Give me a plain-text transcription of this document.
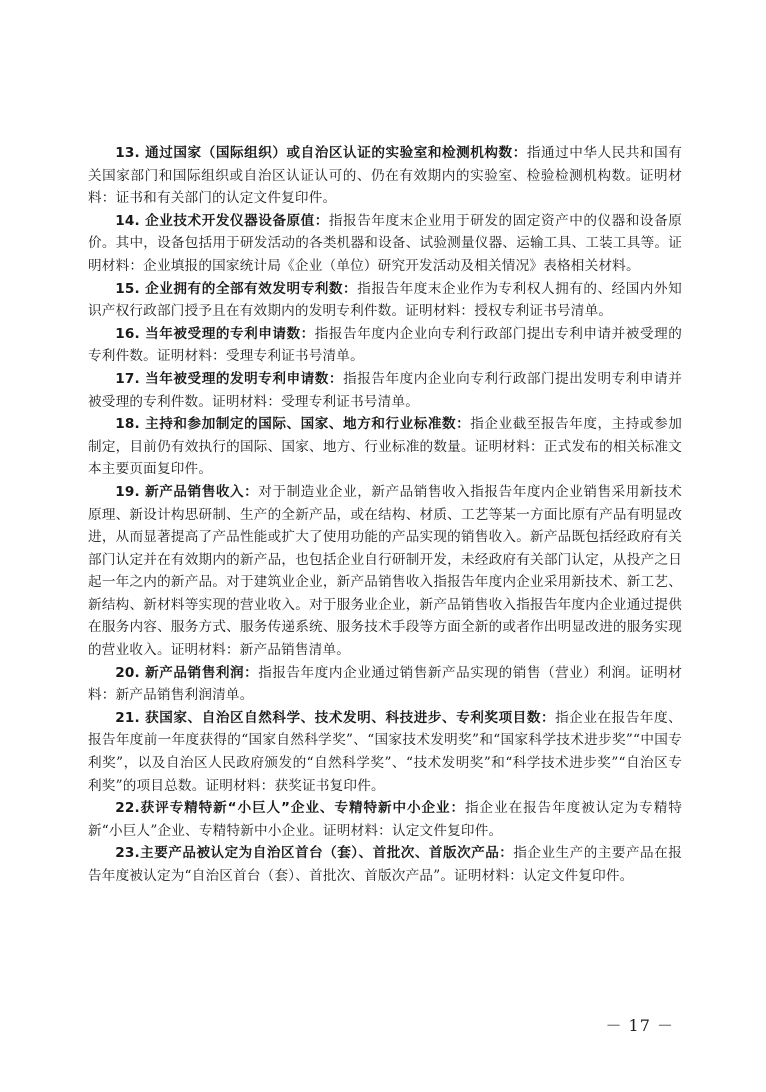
13. 通过国家（国际组织）或自治区认证的实验室和检测机构数：指通过中华人民共和国有关国家部门和国际组织或自治区认证认可的、仍在有效期内的实验室、检验检测机构数。证明材料：证书和有关部门的认定文件复印件。

14. 企业技术开发仪器设备原值：指报告年度末企业用于研发的固定资产中的仪器和设备原价。其中，设备包括用于研发活动的各类机器和设备、试验测量仪器、运输工具、工装工具等。证明材料：企业填报的国家统计局《企业（单位）研究开发活动及相关情况》表格相关材料。

15. 企业拥有的全部有效发明专利数：指报告年度末企业作为专利权人拥有的、经国内外知识产权行政部门授予且在有效期内的发明专利件数。证明材料：授权专利证书号清单。

16. 当年被受理的专利申请数：指报告年度内企业向专利行政部门提出专利申请并被受理的专利件数。证明材料：受理专利证书号清单。

17. 当年被受理的发明专利申请数：指报告年度内企业向专利行政部门提出发明专利申请并被受理的专利件数。证明材料：受理专利证书号清单。

18. 主持和参加制定的国际、国家、地方和行业标准数：指企业截至报告年度，主持或参加制定，目前仍有效执行的国际、国家、地方、行业标准的数量。证明材料：正式发布的相关标准文本主要页面复印件。

19. 新产品销售收入：对于制造业企业，新产品销售收入指报告年度内企业销售采用新技术原理、新设计构思研制、生产的全新产品，或在结构、材质、工艺等某一方面比原有产品有明显改进，从而显著提高了产品性能或扩大了使用功能的产品实现的销售收入。新产品既包括经政府有关部门认定并在有效期内的新产品，也包括企业自行研制开发，未经政府有关部门认定，从投产之日起一年之内的新产品。对于建筑业企业，新产品销售收入指报告年度内企业采用新技术、新工艺、新结构、新材料等实现的营业收入。对于服务业企业，新产品销售收入指报告年度内企业通过提供在服务内容、服务方式、服务传递系统、服务技术手段等方面全新的或者作出明显改进的服务实现的营业收入。证明材料：新产品销售清单。

20. 新产品销售利润：指报告年度内企业通过销售新产品实现的销售（营业）利润。证明材料：新产品销售利润清单。

21. 获国家、自治区自然科学、技术发明、科技进步、专利奖项目数：指企业在报告年度、报告年度前一年度获得的“国家自然科学奖”、“国家技术发明奖”和“国家科学技术进步奖”“中国专利奖”，以及自治区人民政府颁发的“自然科学奖”、“技术发明奖”和“科学技术进步奖”“自治区专利奖”的项目总数。证明材料：获奖证书复印件。

22.获评专精特新“小巨人”企业、专精特新中小企业：指企业在报告年度被认定为专精特新“小巨人”企业、专精特新中小企业。证明材料：认定文件复印件。

23.主要产品被认定为自治区首台（套）、首批次、首版次产品：指企业生产的主要产品在报告年度被认定为“自治区首台（套）、首批次、首版次产品”。证明材料：认定文件复印件。

－ 17 －
